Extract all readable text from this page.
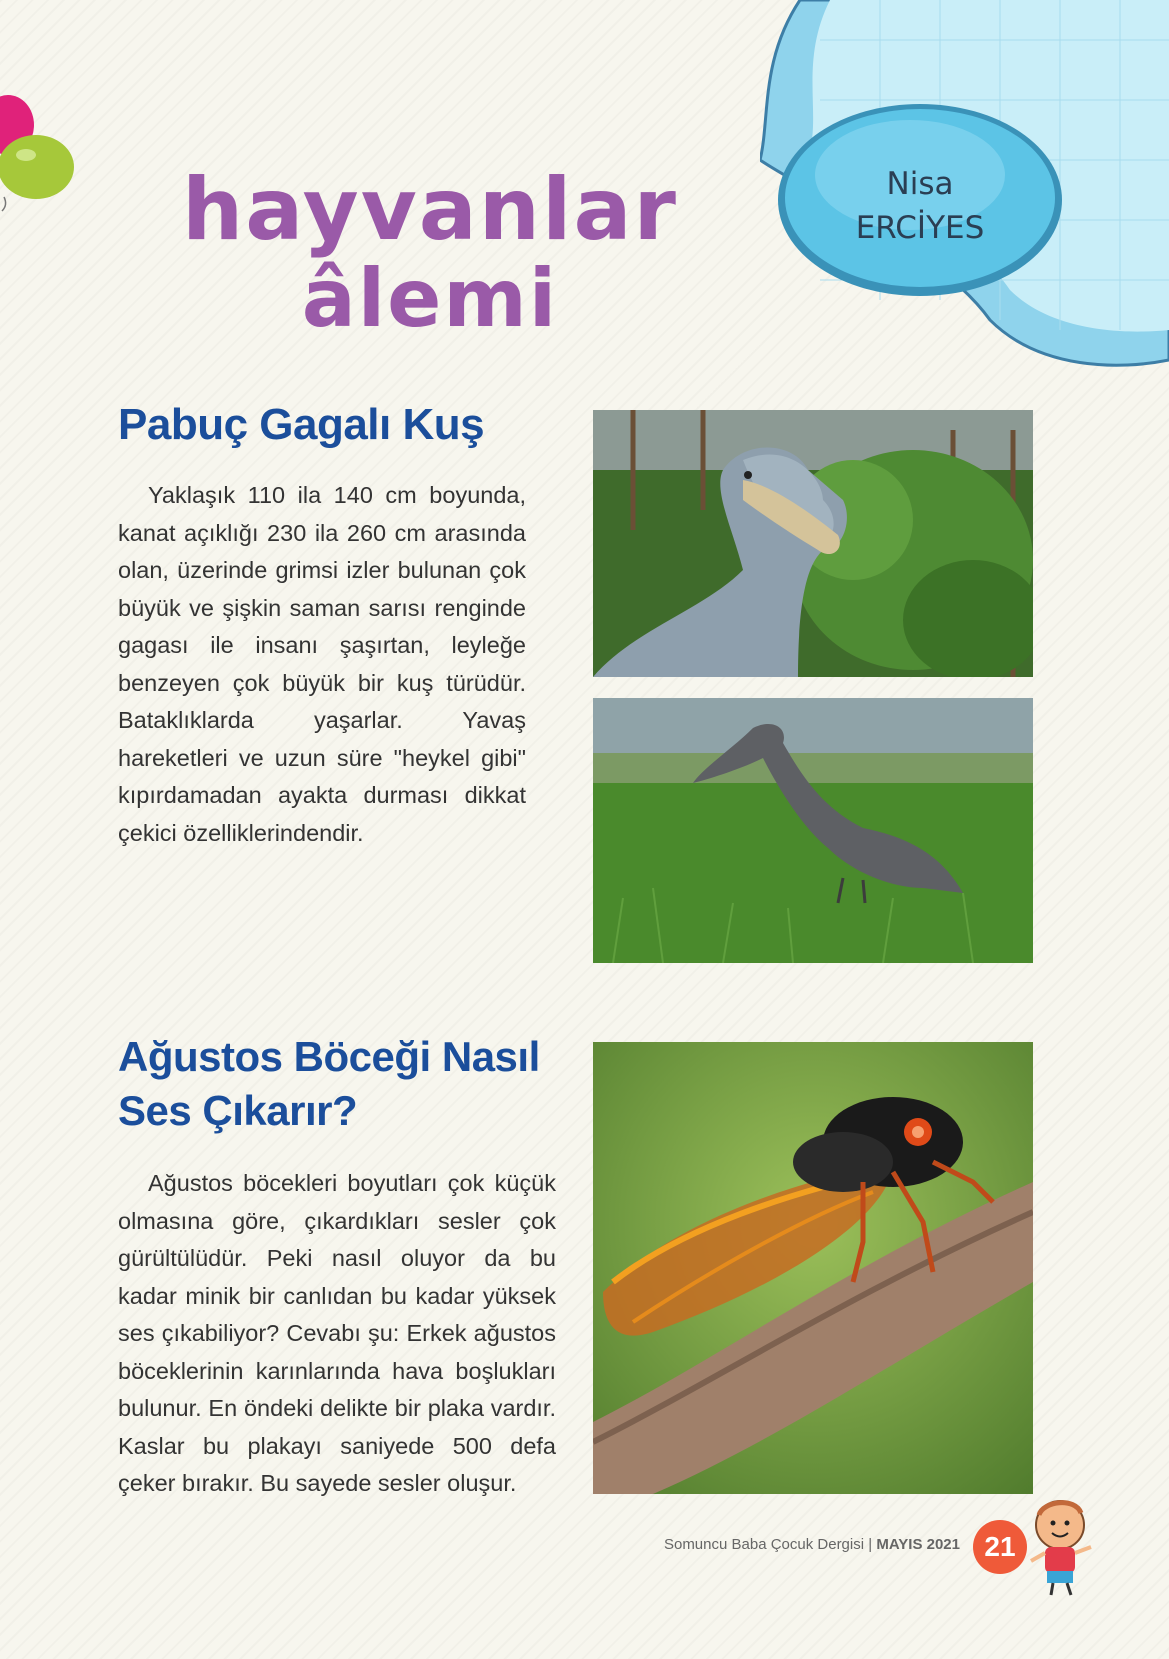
Nisa
ERCİYES
hayvanlar
âlemi
Pabuç Gagalı Kuş

Yaklaşık 110 ila 140 cm boyunda, kanat açıklığı 230 ila 260 cm arasında olan, üzerinde grimsi izler bulunan çok büyük ve şişkin saman sarısı renginde gagası ile insanı şaşırtan, leyleğe benzeyen çok büyük bir kuş türüdür. Bataklıklarda yaşarlar. Yavaş hareketleri ve uzun süre "heykel gibi" kıpırdamadan ayakta durması dikkat çekici özelliklerindendir.

Ağustos Böceği Nasıl
Ses Çıkarır?

Ağustos böcekleri boyutları çok küçük olmasına göre, çıkardıkları sesler çok gürültülüdür. Peki nasıl oluyor da bu kadar minik bir canlıdan bu kadar yüksek ses çıkabiliyor? Cevabı şu: Erkek ağustos böceklerinin karınlarında hava boşlukları bulunur. En öndeki delikte bir plaka vardır. Kaslar bu plakayı saniyede 500 defa çeker bırakır. Bu sayede sesler oluşur.

Somuncu Baba Çocuk Dergisi | MAYIS 2021 21
